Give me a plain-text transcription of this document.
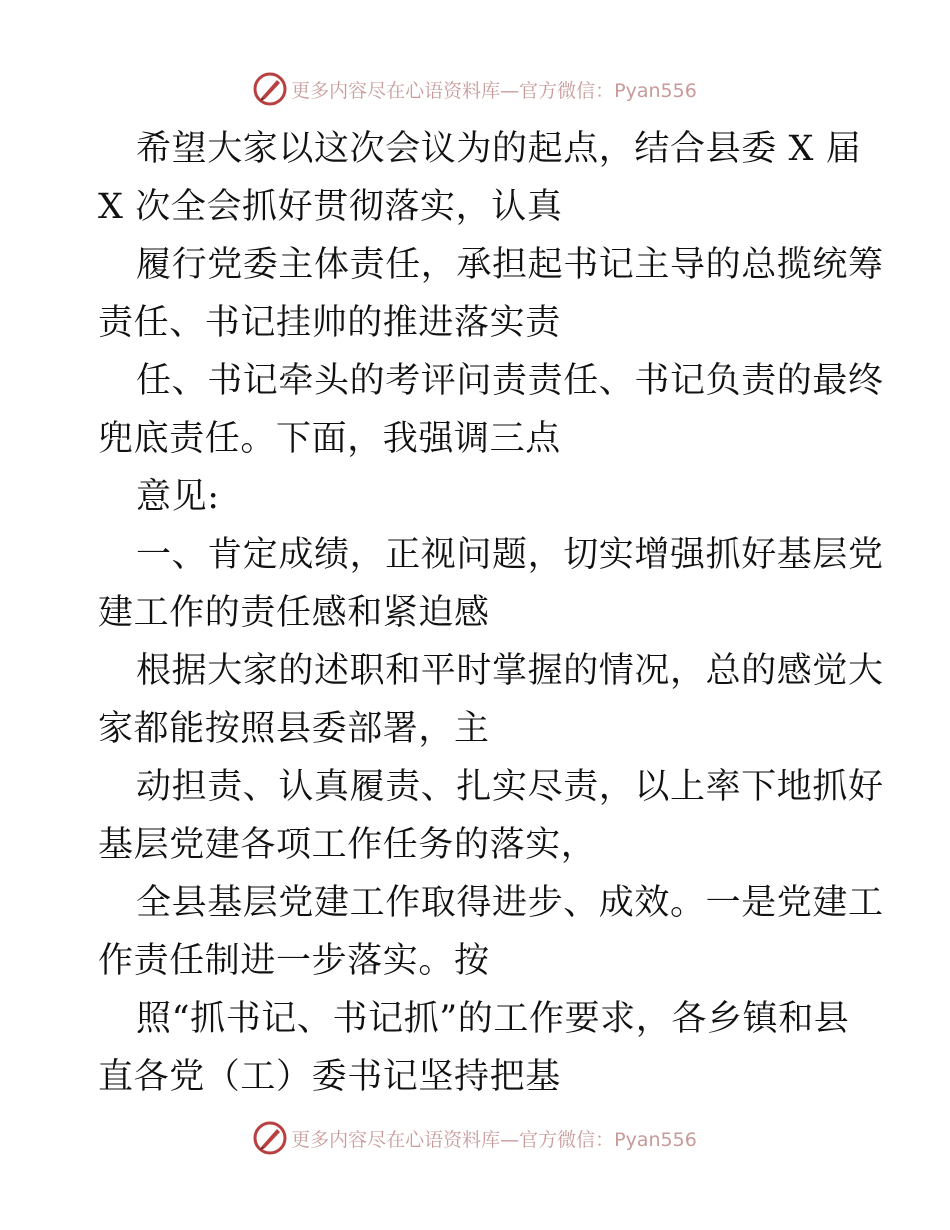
更多内容尽在心语资料库—官方微信：Pyan556
希望大家以这次会议为的起点，结合县委 X 届
X 次全会抓好贯彻落实，认真
履行党委主体责任，承担起书记主导的总揽统筹
责任、书记挂帅的推进落实责
任、书记牵头的考评问责责任、书记负责的最终
兜底责任。下面，我强调三点
意见:
一、肯定成绩，正视问题，切实增强抓好基层党
建工作的责任感和紧迫感
根据大家的述职和平时掌握的情况，总的感觉大
家都能按照县委部署，主
动担责、认真履责、扎实尽责，以上率下地抓好
基层党建各项工作任务的落实，
全县基层党建工作取得进步、成效。一是党建工
作责任制进一步落实。按
照“抓书记、书记抓”的工作要求，各乡镇和县
直各党（工）委书记坚持把基
更多内容尽在心语资料库—官方微信：Pyan556
